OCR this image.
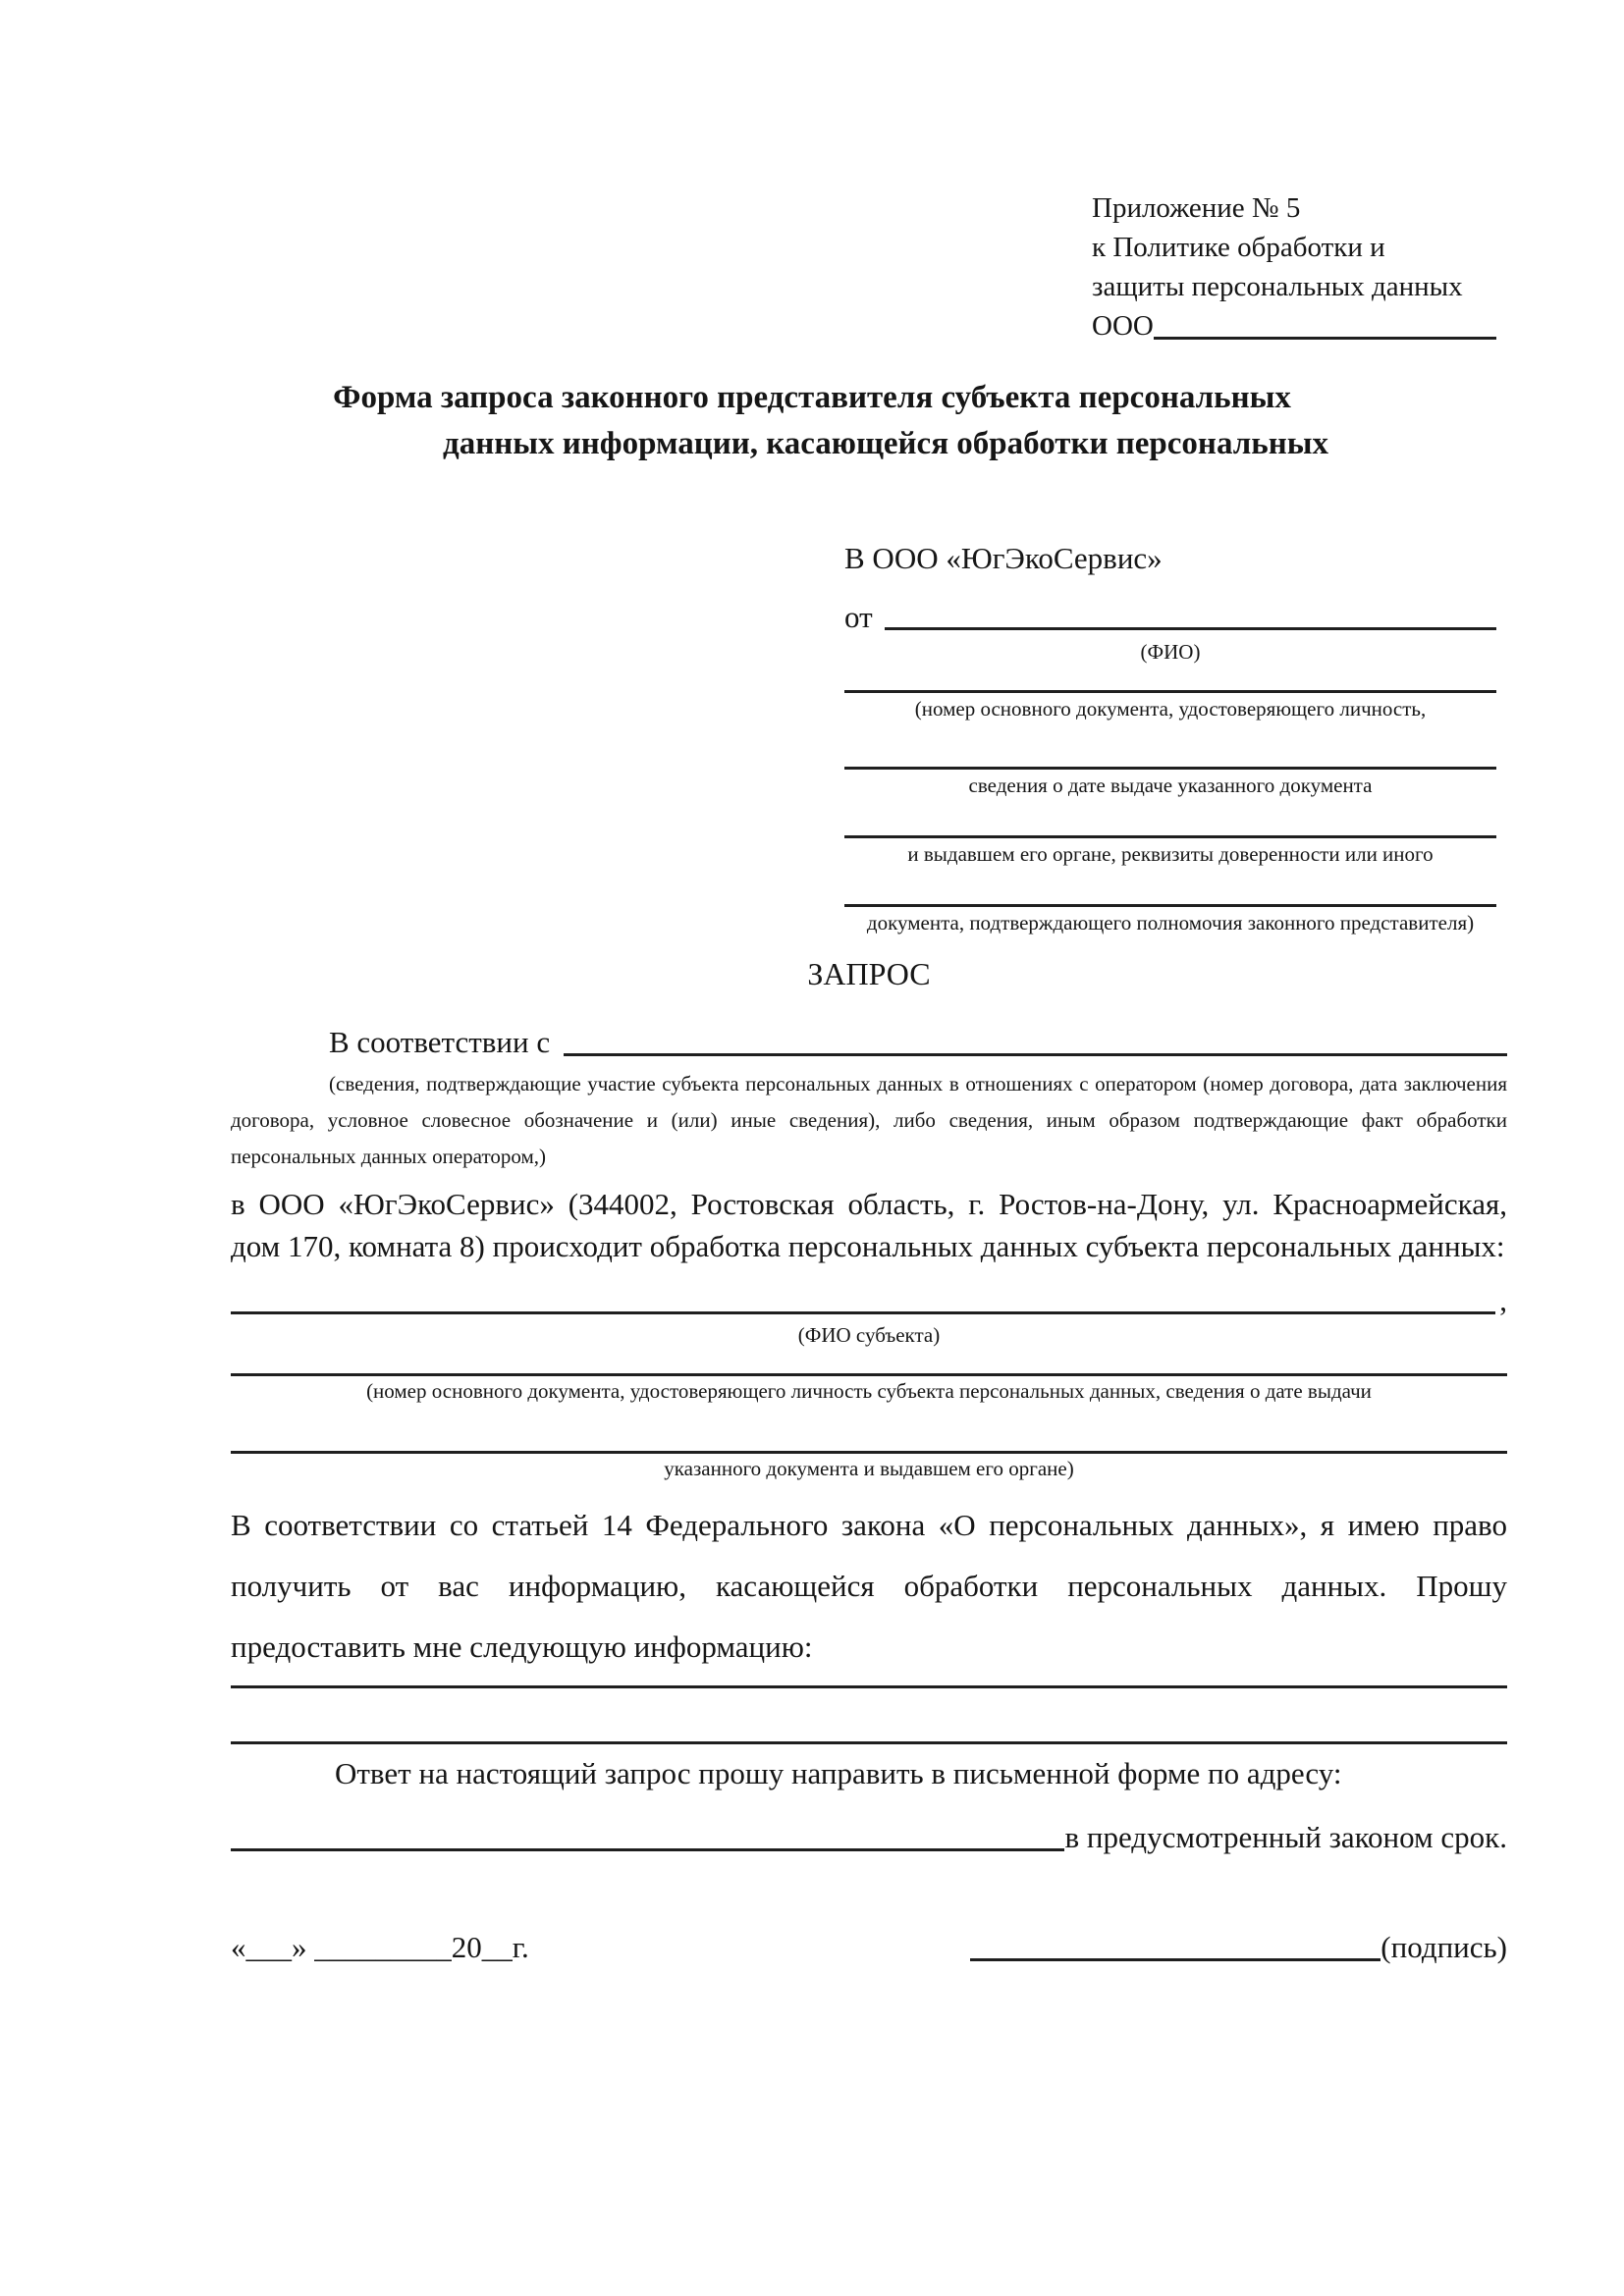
Приложение № 5
к Политике обработки и
защиты персональных данных
ООО
Форма запроса законного представителя субъекта персональных
данных информации, касающейся обработки персональных
В ООО «ЮгЭкоСервис»
от
(ФИО)
(номер основного документа, удостоверяющего личность,
сведения о дате выдаче указанного документа
и выдавшем его органе, реквизиты доверенности или иного
документа, подтверждающего полномочия законного представителя)
ЗАПРОС
В соответствии с
(сведения, подтверждающие участие субъекта персональных данных в отношениях с оператором (номер договора, дата заключения договора, условное словесное обозначение и (или) иные сведения), либо сведения, иным образом подтверждающие факт обработки персональных данных оператором,)
в ООО «ЮгЭкоСервис» (344002, Ростовская область, г. Ростов-на-Дону, ул. Красноармейская, дом 170, комната 8) происходит обработка персональных данных субъекта персональных данных:
,
(ФИО субъекта)
(номер основного документа, удостоверяющего личность субъекта персональных данных, сведения о дате выдачи
указанного документа и выдавшем его органе)
В соответствии со статьей 14 Федерального закона «О персональных данных», я имею право получить от вас информацию, касающейся обработки персональных данных. Прошу предоставить мне следующую информацию:
Ответ на настоящий запрос прошу направить в письменной форме по адресу:
в предусмотренный законом срок.
«___» _________20__г.	(подпись)
